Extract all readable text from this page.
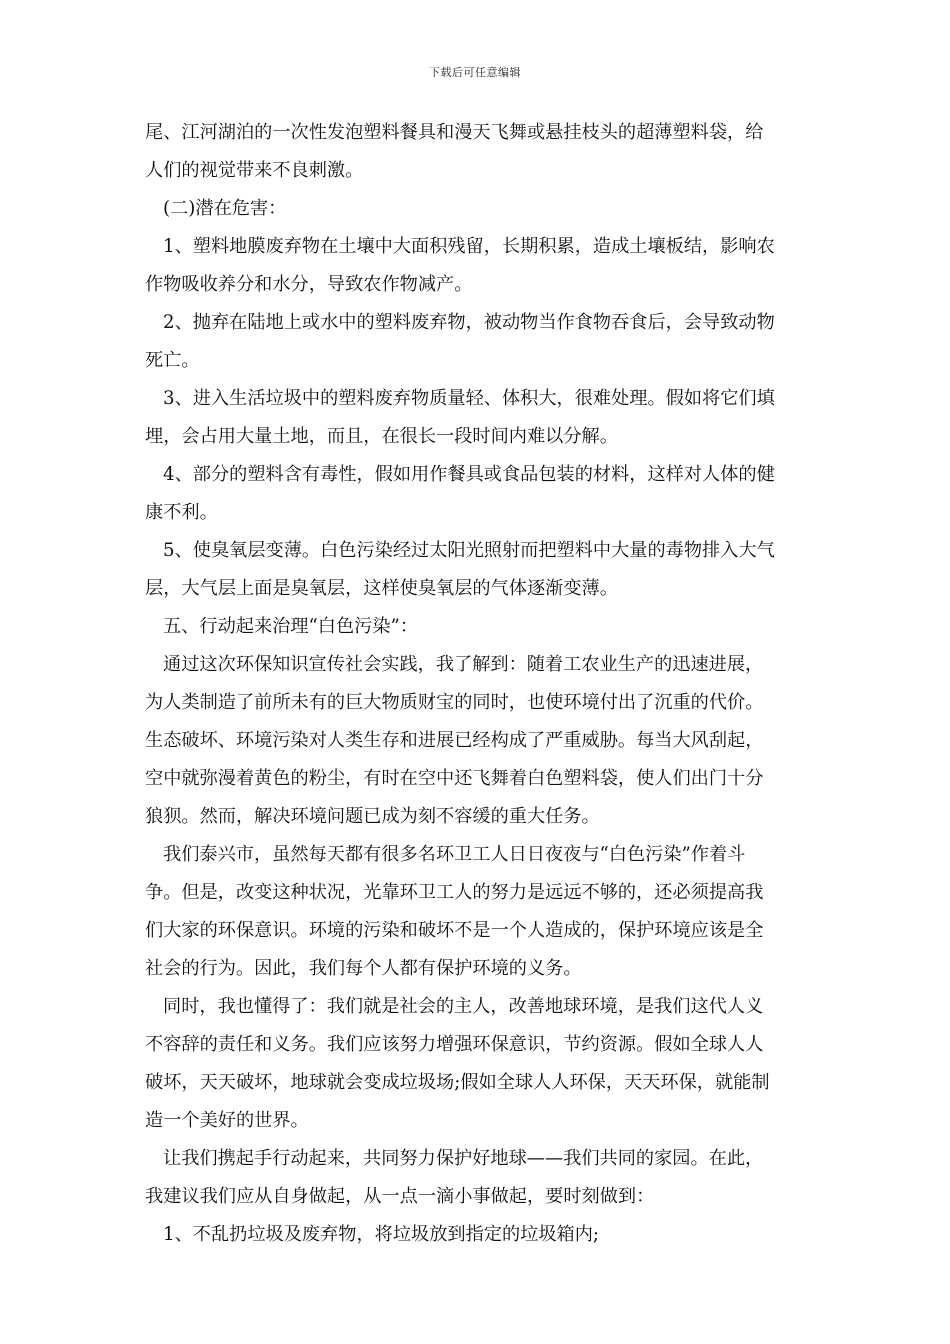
下载后可任意编辑
尾、江河湖泊的一次性发泡塑料餐具和漫天飞舞或悬挂枝头的超薄塑料袋，给
人们的视觉带来不良刺激。
(二)潜在危害：
1、塑料地膜废弃物在土壤中大面积残留，长期积累，造成土壤板结，影响农
作物吸收养分和水分，导致农作物减产。
2、抛弃在陆地上或水中的塑料废弃物，被动物当作食物吞食后，会导致动物
死亡。
3、进入生活垃圾中的塑料废弃物质量轻、体积大，很难处理。假如将它们填
埋，会占用大量土地，而且，在很长一段时间内难以分解。
4、部分的塑料含有毒性，假如用作餐具或食品包装的材料，这样对人体的健
康不利。
5、使臭氧层变薄。白色污染经过太阳光照射而把塑料中大量的毒物排入大气
层，大气层上面是臭氧层，这样使臭氧层的气体逐渐变薄。
五、行动起来治理“白色污染”：
通过这次环保知识宣传社会实践，我了解到：随着工农业生产的迅速进展，
为人类制造了前所未有的巨大物质财宝的同时，也使环境付出了沉重的代价。
生态破坏、环境污染对人类生存和进展已经构成了严重威胁。每当大风刮起，
空中就弥漫着黄色的粉尘，有时在空中还飞舞着白色塑料袋，使人们出门十分
狼狈。然而，解决环境问题已成为刻不容缓的重大任务。
我们泰兴市，虽然每天都有很多名环卫工人日日夜夜与“白色污染”作着斗
争。但是，改变这种状况，光靠环卫工人的努力是远远不够的，还必须提高我
们大家的环保意识。环境的污染和破坏不是一个人造成的，保护环境应该是全
社会的行为。因此，我们每个人都有保护环境的义务。
同时，我也懂得了：我们就是社会的主人，改善地球环境，是我们这代人义
不容辞的责任和义务。我们应该努力增强环保意识，节约资源。假如全球人人
破坏，天天破坏，地球就会变成垃圾场;假如全球人人环保，天天环保，就能制
造一个美好的世界。
让我们携起手行动起来，共同努力保护好地球——我们共同的家园。在此，
我建议我们应从自身做起，从一点一滴小事做起，要时刻做到：
1、不乱扔垃圾及废弃物，将垃圾放到指定的垃圾箱内;
